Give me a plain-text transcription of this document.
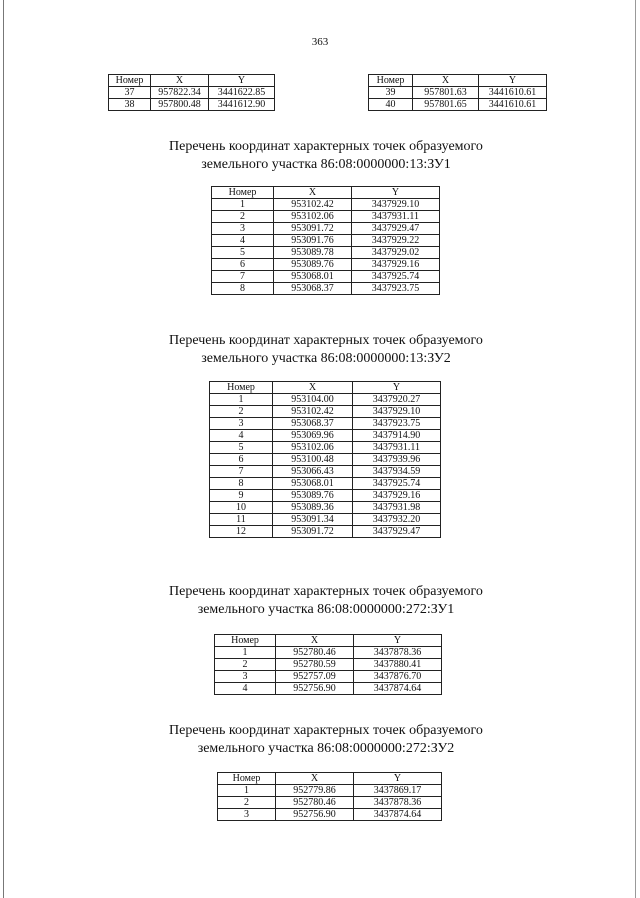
363
Номер	X	Y
37	957822.34	3441622.85
38	957800.48	3441612.90
Номер	X	Y
39	957801.63	3441610.61
40	957801.65	3441610.61
Перечень координат характерных точек образуемого
земельного участка 86:08:0000000:13:ЗУ1
Номер	X	Y
1	953102.42	3437929.10
2	953102.06	3437931.11
3	953091.72	3437929.47
4	953091.76	3437929.22
5	953089.78	3437929.02
6	953089.76	3437929.16
7	953068.01	3437925.74
8	953068.37	3437923.75
Перечень координат характерных точек образуемого
земельного участка 86:08:0000000:13:ЗУ2
Номер	X	Y
1	953104.00	3437920.27
2	953102.42	3437929.10
3	953068.37	3437923.75
4	953069.96	3437914.90
5	953102.06	3437931.11
6	953100.48	3437939.96
7	953066.43	3437934.59
8	953068.01	3437925.74
9	953089.76	3437929.16
10	953089.36	3437931.98
11	953091.34	3437932.20
12	953091.72	3437929.47
Перечень координат характерных точек образуемого
земельного участка 86:08:0000000:272:ЗУ1
Номер	X	Y
1	952780.46	3437878.36
2	952780.59	3437880.41
3	952757.09	3437876.70
4	952756.90	3437874.64
Перечень координат характерных точек образуемого
земельного участка 86:08:0000000:272:ЗУ2
Номер	X	Y
1	952779.86	3437869.17
2	952780.46	3437878.36
3	952756.90	3437874.64
